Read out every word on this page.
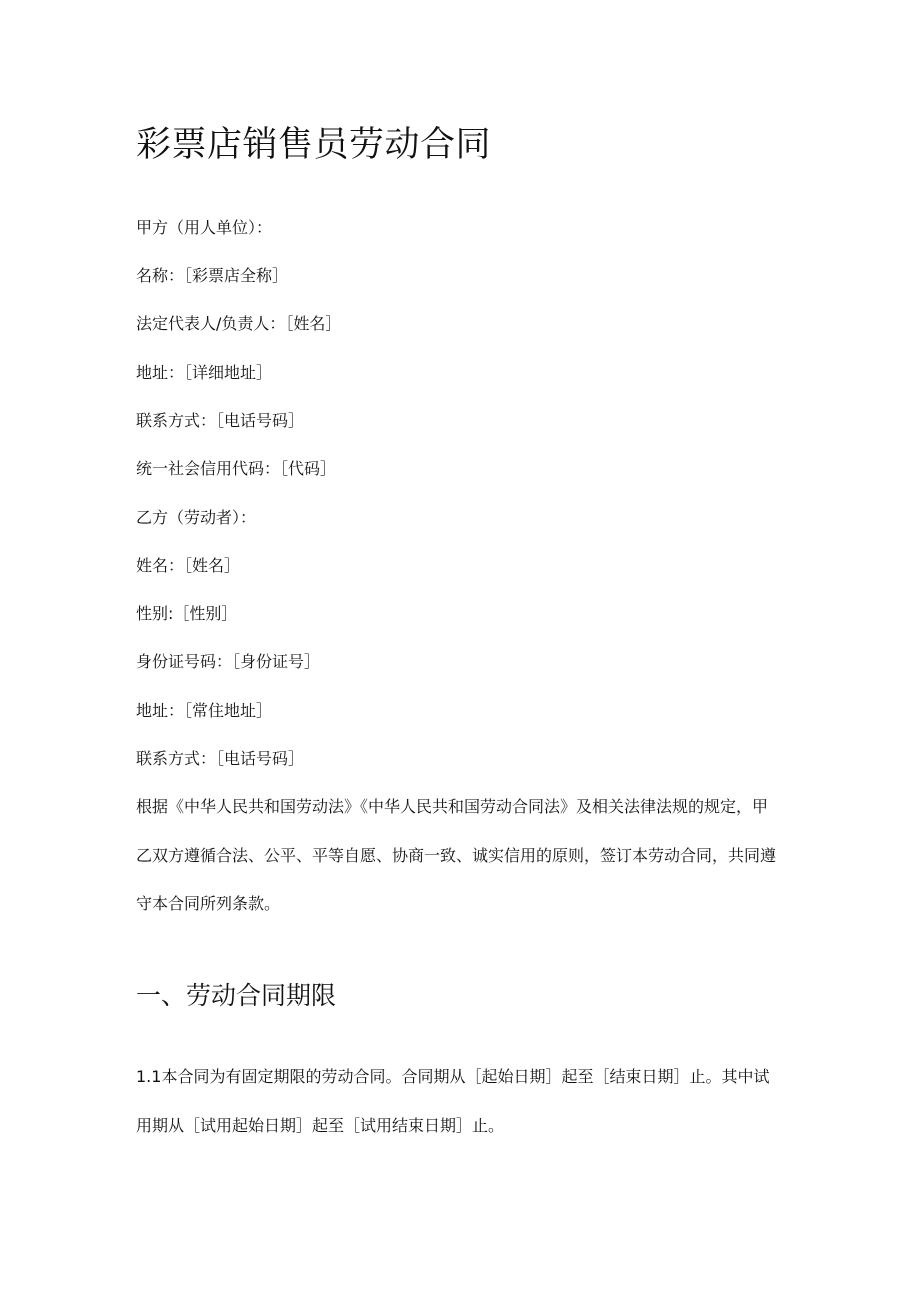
彩票店销售员劳动合同

甲方（用人单位）：

名称：［彩票店全称］

法定代表人/负责人：［姓名］

地址：［详细地址］

联系方式：［电话号码］

统一社会信用代码：［代码］

乙方（劳动者）：

姓名：［姓名］

性别:［性别］

身份证号码：［身份证号］

地址：［常住地址］

联系方式：［电话号码］

根据《中华人民共和国劳动法》《中华人民共和国劳动合同法》及相关法律法规的规定，甲乙双方遵循合法、公平、平等自愿、协商一致、诚实信用的原则，签订本劳动合同，共同遵守本合同所列条款。

一、劳动合同期限

1.1本合同为有固定期限的劳动合同。合同期从［起始日期］起至［结束日期］止。其中试用期从［试用起始日期］起至［试用结束日期］止。
